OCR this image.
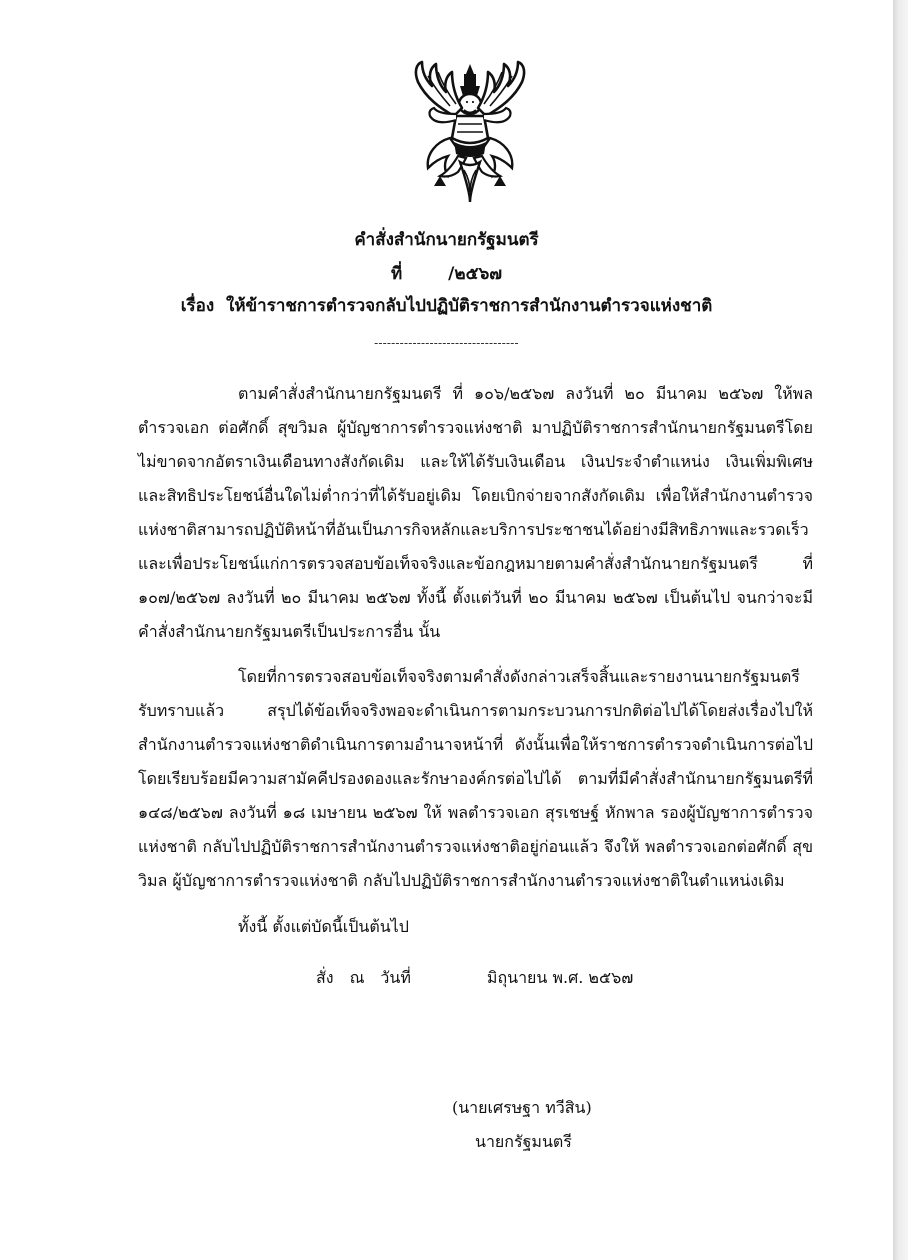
คำสั่งสำนักนายกรัฐมนตรี
ที่	/๒๕๖๗
เรื่อง ให้ข้าราชการตำรวจกลับไปปฏิบัติราชการสำนักงานตำรวจแห่งชาติ
----------------------------------

ตามคำสั่งสำนักนายกรัฐมนตรี ที่ ๑๐๖/๒๕๖๗ ลงวันที่ ๒๐ มีนาคม ๒๕๖๗ ให้พลตำรวจเอก ต่อศักดิ์ สุขวิมล ผู้บัญชาการตำรวจแห่งชาติ มาปฏิบัติราชการสำนักนายกรัฐมนตรีโดยไม่ขาดจากอัตราเงินเดือนทางสังกัดเดิม และให้ได้รับเงินเดือน เงินประจำตำแหน่ง เงินเพิ่มพิเศษ และสิทธิประโยชน์อื่นใดไม่ต่ำกว่าที่ได้รับอยู่เดิม โดยเบิกจ่ายจากสังกัดเดิม เพื่อให้สำนักงานตำรวจแห่งชาติสามารถปฏิบัติหน้าที่อันเป็นภารกิจหลักและบริการประชาชนได้อย่างมีสิทธิภาพและรวดเร็ว และเพื่อประโยชน์แก่การตรวจสอบข้อเท็จจริงและข้อกฎหมายตามคำสั่งสำนักนายกรัฐมนตรี ที่ ๑๐๗/๒๕๖๗ ลงวันที่ ๒๐ มีนาคม ๒๕๖๗ ทั้งนี้ ตั้งแต่วันที่ ๒๐ มีนาคม ๒๕๖๗ เป็นต้นไป จนกว่าจะมีคำสั่งสำนักนายกรัฐมนตรีเป็นประการอื่น นั้น

โดยที่การตรวจสอบข้อเท็จจริงตามคำสั่งดังกล่าวเสร็จสิ้นและรายงานนายกรัฐมนตรีรับทราบแล้ว สรุปได้ข้อเท็จจริงพอจะดำเนินการตามกระบวนการปกติต่อไปได้โดยส่งเรื่องไปให้สำนักงานตำรวจแห่งชาติดำเนินการตามอำนาจหน้าที่ ดังนั้นเพื่อให้ราชการตำรวจดำเนินการต่อไปโดยเรียบร้อยมีความสามัคคีปรองดองและรักษาองค์กรต่อไปได้ ตามที่มีคำสั่งสำนักนายกรัฐมนตรีที่ ๑๔๘/๒๕๖๗ ลงวันที่ ๑๘ เมษายน ๒๕๖๗ ให้ พลตำรวจเอก สุรเชษฐ์ หักพาล รองผู้บัญชาการตำรวจแห่งชาติ กลับไปปฏิบัติราชการสำนักงานตำรวจแห่งชาติอยู่ก่อนแล้ว จึงให้ พลตำรวจเอกต่อศักดิ์ สุขวิมล ผู้บัญชาการตำรวจแห่งชาติ กลับไปปฏิบัติราชการสำนักงานตำรวจแห่งชาติในตำแหน่งเดิม

ทั้งนี้ ตั้งแต่บัดนี้เป็นต้นไป

สั่ง ณ วันที่	มิถุนายน พ.ศ. ๒๕๖๗
(นายเศรษฐา ทวีสิน)
นายกรัฐมนตรี
